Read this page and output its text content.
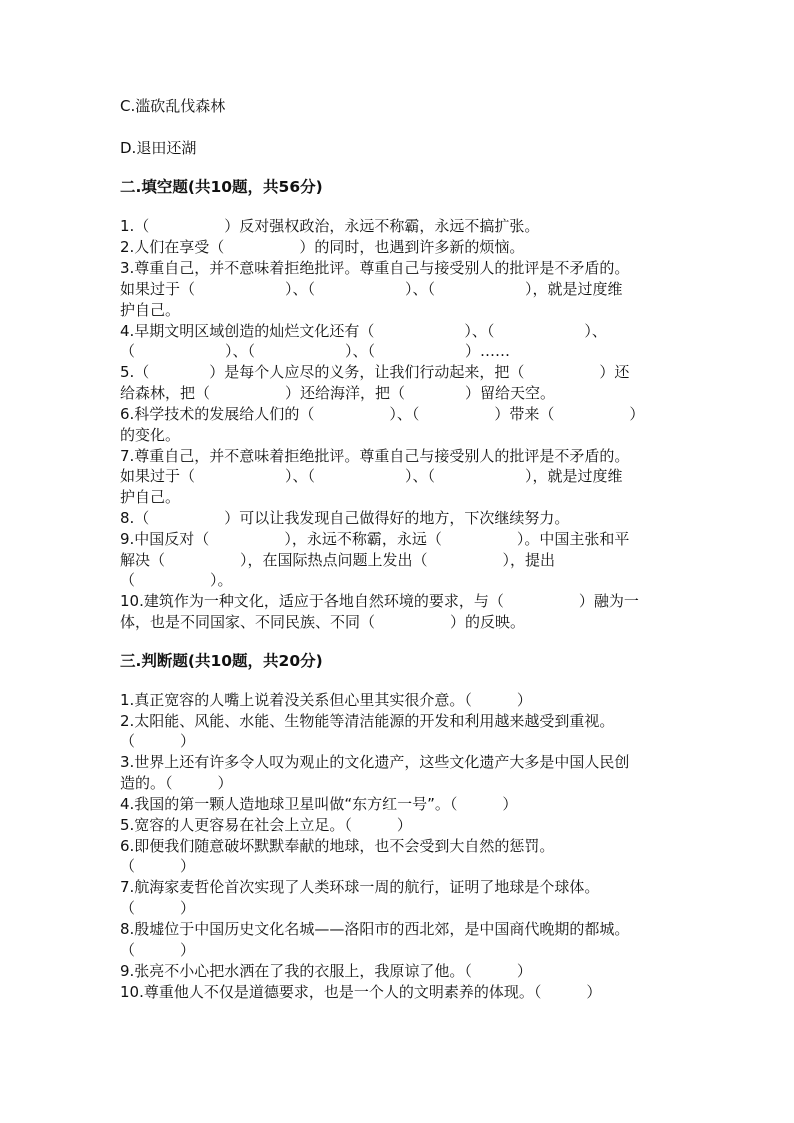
C.滥砍乱伐森林
D.退田还湖
二.填空题(共10题，共56分)
1.（　　　　　）反对强权政治，永远不称霸，永远不搞扩张。
2.人们在享受（　　　　　）的同时，也遇到许多新的烦恼。
3.尊重自己，并不意味着拒绝批评。尊重自己与接受别人的批评是不矛盾的。
如果过于（　　　　　　）、（　　　　　　）、（　　　　　　），就是过度维
护自己。
4.早期文明区域创造的灿烂文化还有（　　　　　　）、（　　　　　　）、
（　　　　　　）、（　　　　　　）、（　　　　　　）……
5.（　　　　）是每个人应尽的义务，让我们行动起来，把（　　　　　）还
给森林，把（　　　　　）还给海洋，把（　　　　）留给天空。
6.科学技术的发展给人们的（　　　　　）、（　　　　　）带来（　　　　　）
的变化。
7.尊重自己，并不意味着拒绝批评。尊重自己与接受别人的批评是不矛盾的。
如果过于（　　　　　　）、（　　　　　　）、（　　　　　　），就是过度维
护自己。
8.（　　　　　）可以让我发现自己做得好的地方，下次继续努力。
9.中国反对（　　　　　），永远不称霸，永远（　　　　　）。中国主张和平
解决（　　　　　），在国际热点问题上发出（　　　　　），提出
（　　　　　）。
10.建筑作为一种文化，适应于各地自然环境的要求，与（　　　　　）融为一
体，也是不同国家、不同民族、不同（　　　　　）的反映。
三.判断题(共10题，共20分)
1.真正宽容的人嘴上说着没关系但心里其实很介意。（　　　）
2.太阳能、风能、水能、生物能等清洁能源的开发和利用越来越受到重视。
（　　　）
3.世界上还有许多令人叹为观止的文化遗产，这些文化遗产大多是中国人民创
造的。（　　　）
4.我国的第一颗人造地球卫星叫做“东方红一号”。（　　　）
5.宽容的人更容易在社会上立足。（　　　）
6.即便我们随意破坏默默奉献的地球，也不会受到大自然的惩罚。
（　　　）
7.航海家麦哲伦首次实现了人类环球一周的航行，证明了地球是个球体。
（　　　）
8.殷墟位于中国历史文化名城——洛阳市的西北郊，是中国商代晚期的都城。
（　　　）
9.张亮不小心把水洒在了我的衣服上，我原谅了他。（　　　）
10.尊重他人不仅是道德要求，也是一个人的文明素养的体现。（　　　）
